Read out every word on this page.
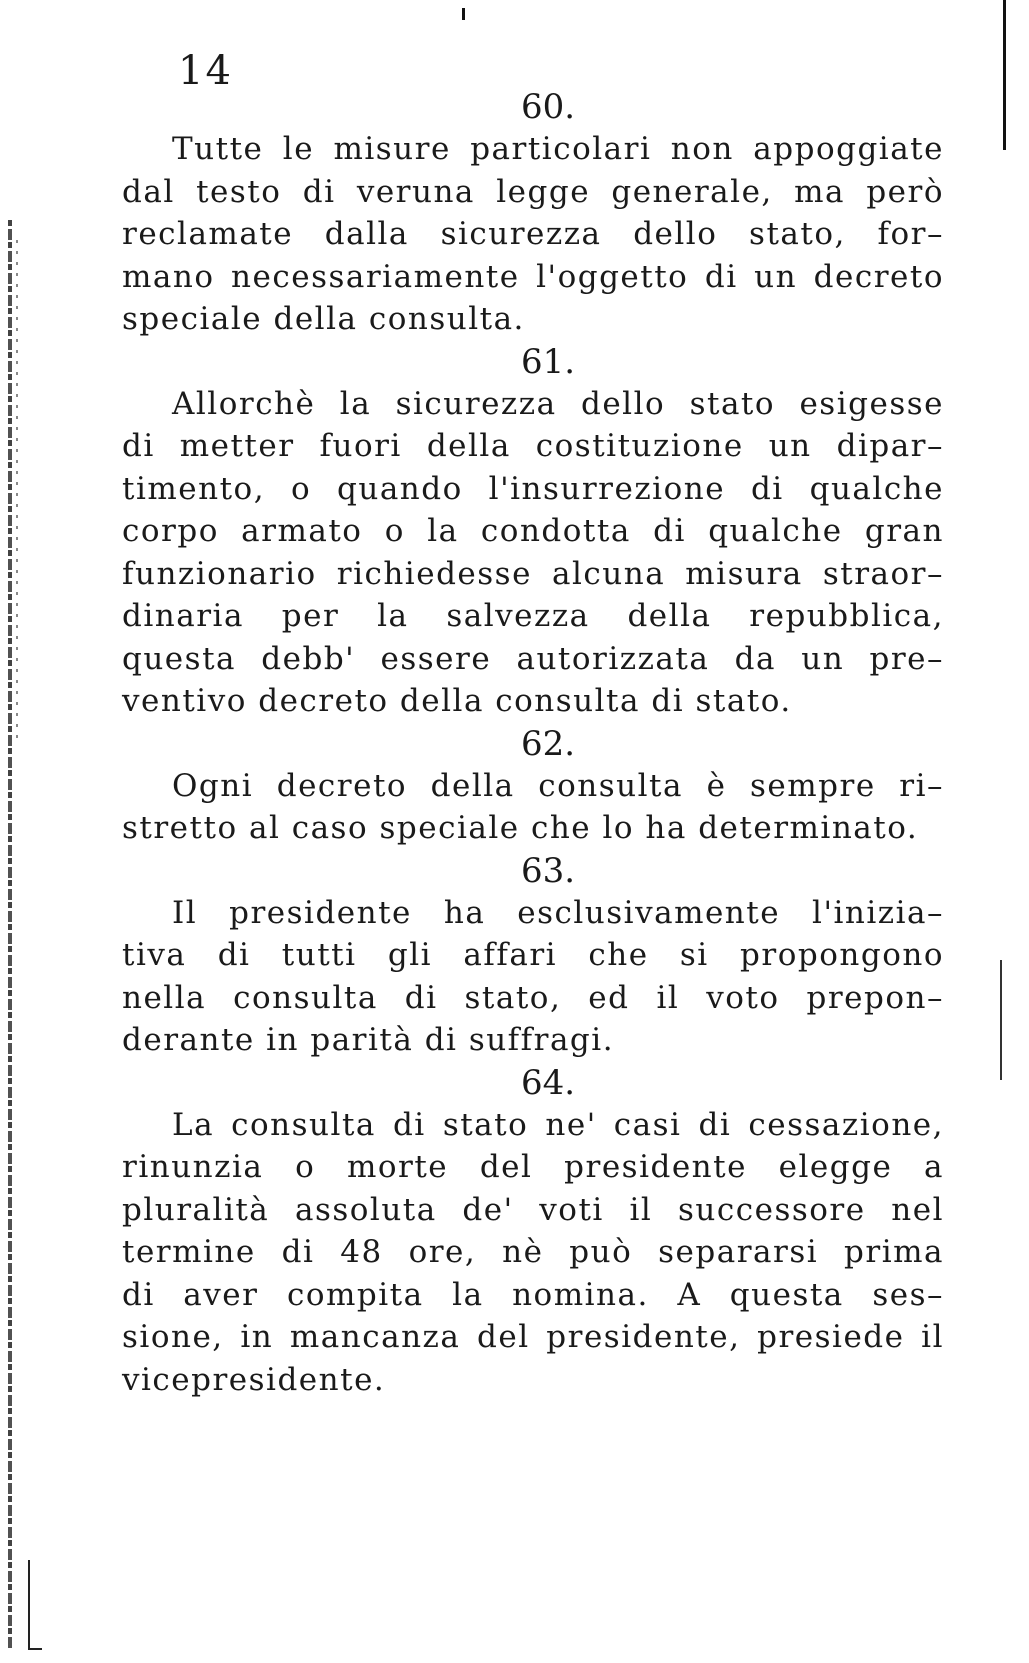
14
60.
Tutte le misure particolari non appoggiate
dal testo di veruna legge generale, ma però
reclamate dalla sicurezza dello stato, for–
mano necessariamente l'oggetto di un decreto
speciale della consulta.
61.
Allorchè la sicurezza dello stato esigesse
di metter fuori della costituzione un dipar–
timento, o quando l'insurrezione di qualche
corpo armato o la condotta di qualche gran
funzionario richiedesse alcuna misura straor–
dinaria per la salvezza della repubblica,
questa debb' essere autorizzata da un pre–
ventivo decreto della consulta di stato.
62.
Ogni decreto della consulta è sempre ri–
stretto al caso speciale che lo ha determinato.
63.
Il presidente ha esclusivamente l'inizia–
tiva di tutti gli affari che si propongono
nella consulta di stato, ed il voto prepon–
derante in parità di suffragi.
64.
La consulta di stato ne' casi di cessazione,
rinunzia o morte del presidente elegge a
pluralità assoluta de' voti il successore nel
termine di 48 ore, nè può separarsi prima
di aver compita la nomina. A questa ses–
sione, in mancanza del presidente, presiede il
vicepresidente.
